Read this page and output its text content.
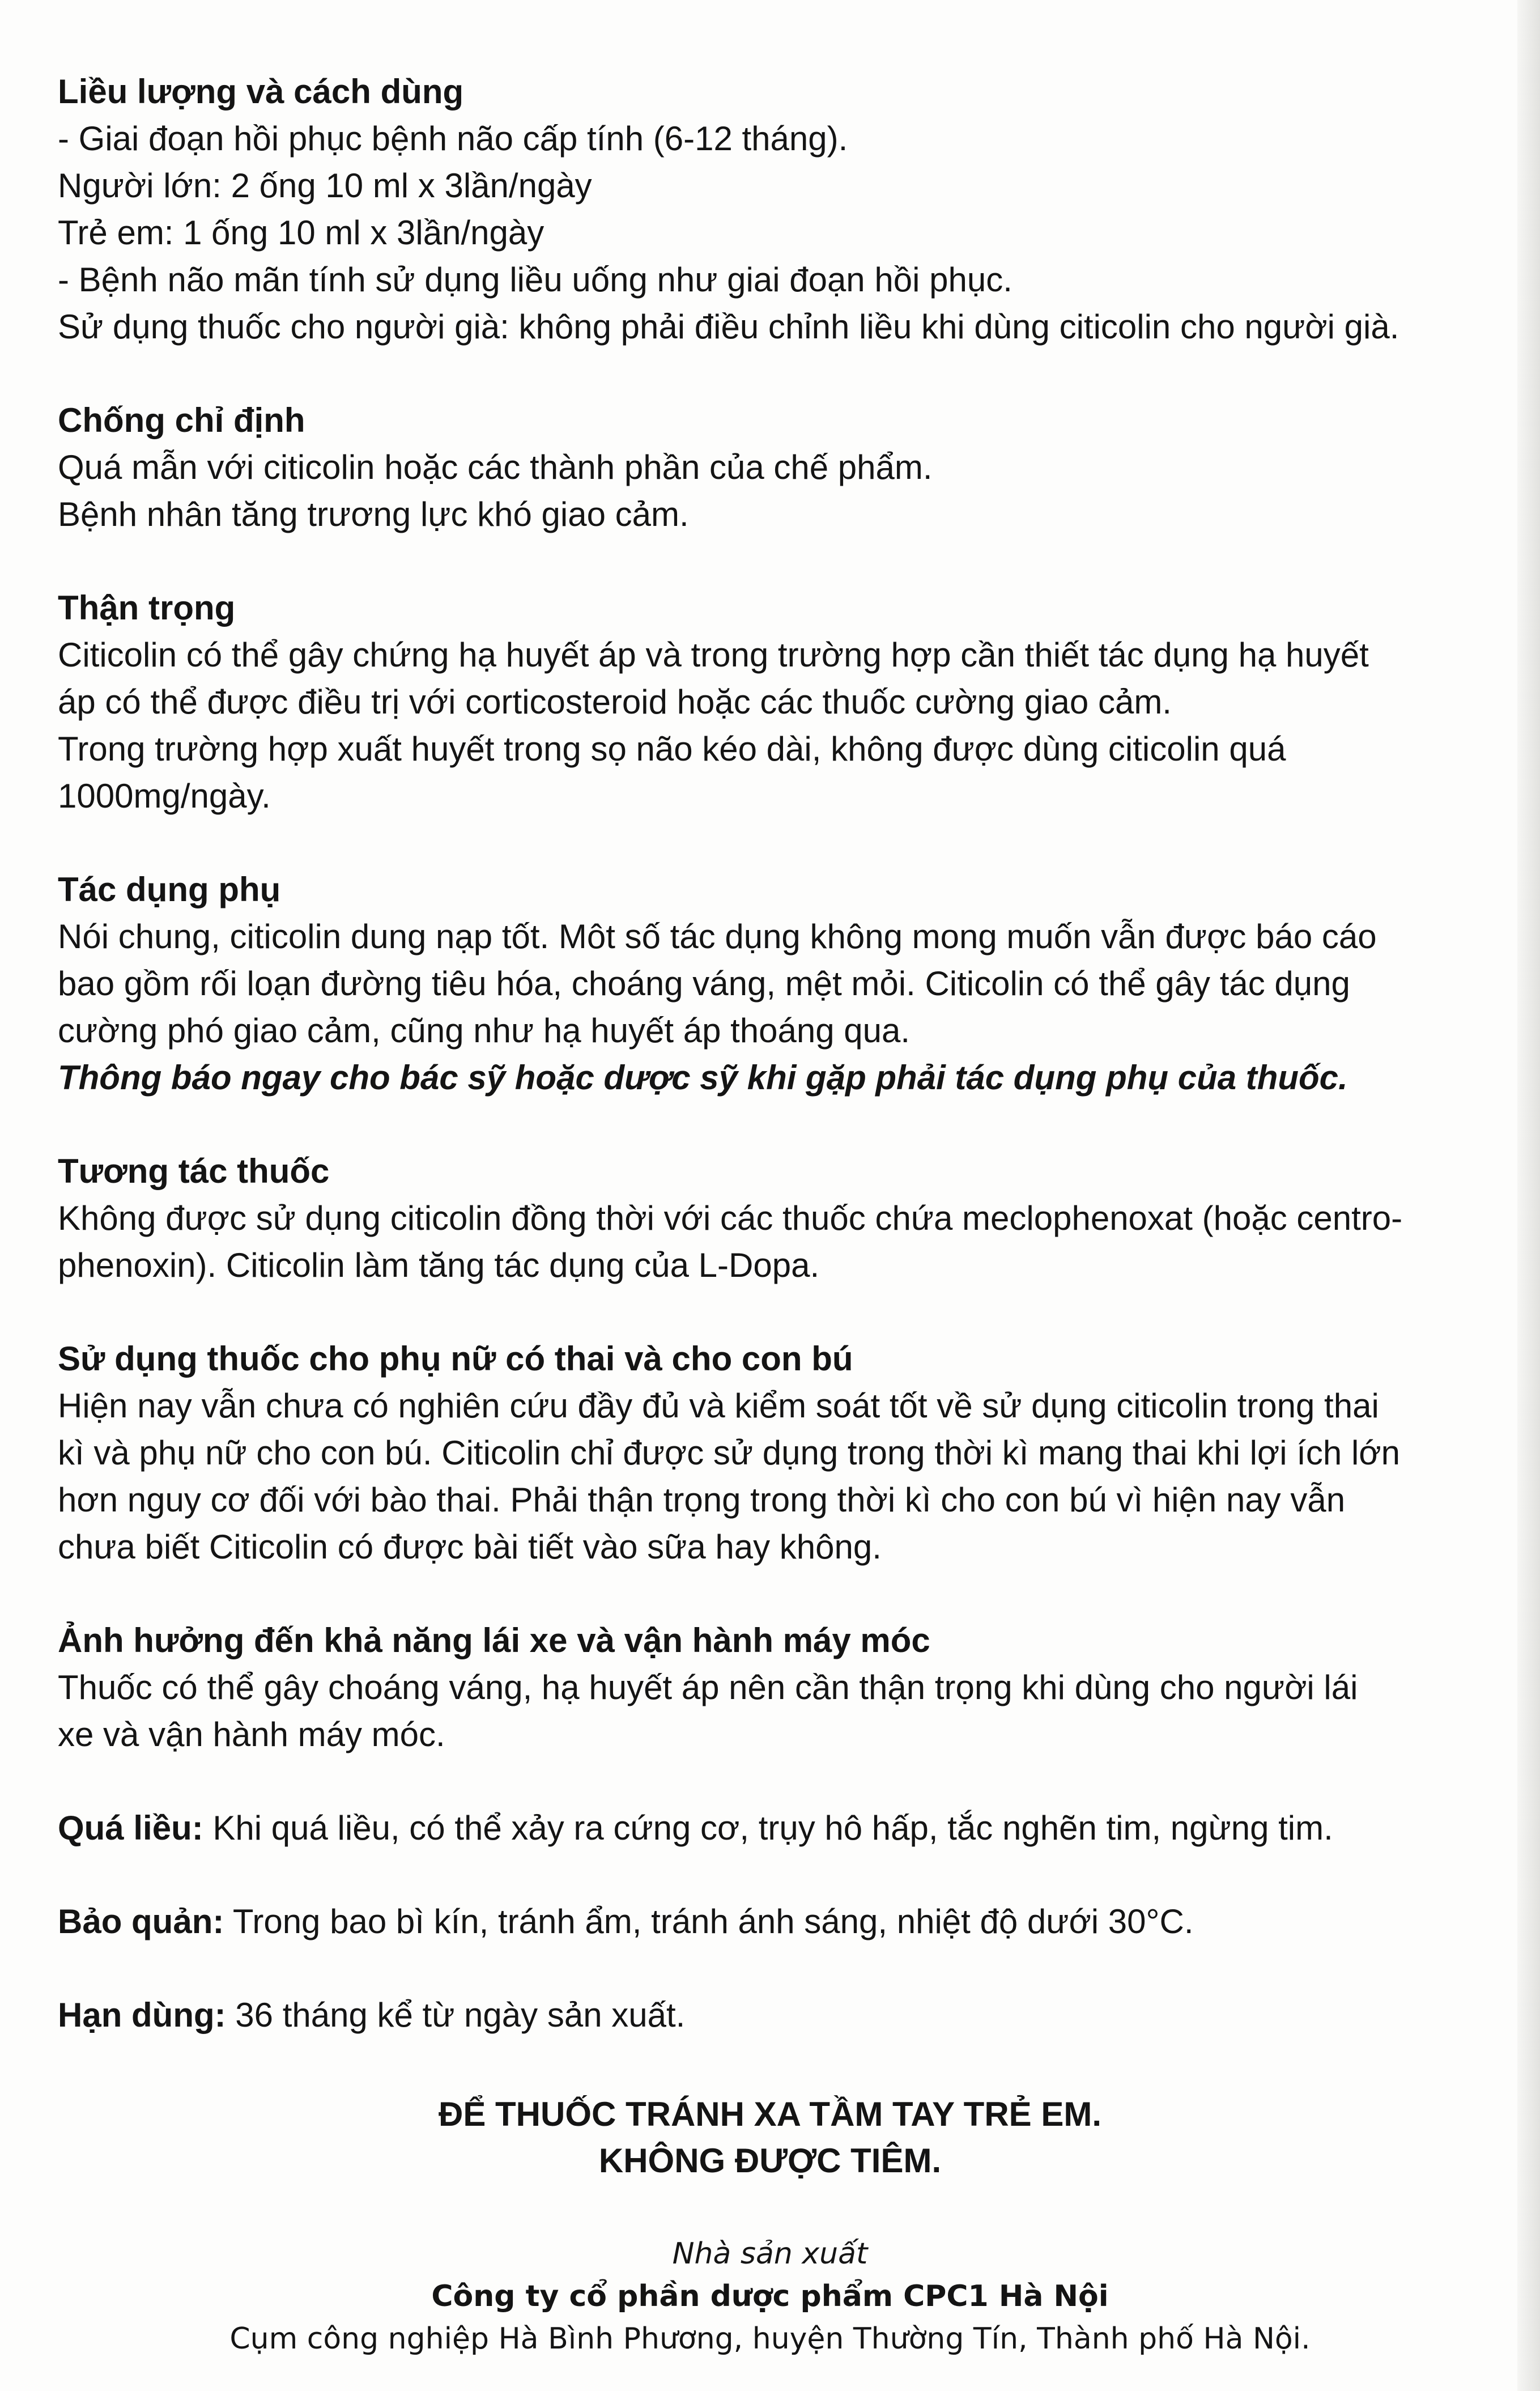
Liều lượng và cách dùng

- Giai đoạn hồi phục bệnh não cấp tính (6-12 tháng).

Người lớn: 2 ống 10 ml x 3lần/ngày

Trẻ em: 1 ống 10 ml x 3lần/ngày

- Bệnh não mãn tính sử dụng liều uống như giai đoạn hồi phục.

Sử dụng thuốc cho người già: không phải điều chỉnh liều khi dùng citicolin cho người già.

Chống chỉ định

Quá mẫn với citicolin hoặc các thành phần của chế phẩm.

Bệnh nhân tăng trương lực khó giao cảm.

Thận trọng

Citicolin có thể gây chứng hạ huyết áp và trong trường hợp cần thiết tác dụng hạ huyết

áp có thể được điều trị với corticosteroid hoặc các thuốc cường giao cảm.

Trong trường hợp xuất huyết trong sọ não kéo dài, không được dùng citicolin quá

1000mg/ngày.

Tác dụng phụ

Nói chung, citicolin dung nạp tốt. Môt số tác dụng không mong muốn vẫn được báo cáo

bao gồm rối loạn đường tiêu hóa, choáng váng, mệt mỏi. Citicolin có thể gây tác dụng

cường phó giao cảm, cũng như hạ huyết áp thoáng qua.

Thông báo ngay cho bác sỹ hoặc dược sỹ khi gặp phải tác dụng phụ của thuốc.

Tương tác thuốc

Không được sử dụng citicolin đồng thời với các thuốc chứa meclophenoxat (hoặc centro-

phenoxin). Citicolin làm tăng tác dụng của L-Dopa.

Sử dụng thuốc cho phụ nữ có thai và cho con bú

Hiện nay vẫn chưa có nghiên cứu đầy đủ và kiểm soát tốt về sử dụng citicolin trong thai

kì và phụ nữ cho con bú. Citicolin chỉ được sử dụng trong thời kì mang thai khi lợi ích lớn

hơn nguy cơ đối với bào thai. Phải thận trọng trong thời kì cho con bú vì hiện nay vẫn

chưa biết Citicolin có được bài tiết vào sữa hay không.

Ảnh hưởng đến khả năng lái xe và vận hành máy móc

Thuốc có thể gây choáng váng, hạ huyết áp nên cần thận trọng khi dùng cho người lái

xe và vận hành máy móc.

Quá liều: Khi quá liều, có thể xảy ra cứng cơ, trụy hô hấp, tắc nghẽn tim, ngừng tim.

Bảo quản: Trong bao bì kín, tránh ẩm, tránh ánh sáng, nhiệt độ dưới 30°C.

Hạn dùng: 36 tháng kể từ ngày sản xuất.

ĐỂ THUỐC TRÁNH XA TẦM TAY TRẺ EM.
KHÔNG ĐƯỢC TIÊM.
Nhà sản xuất
Công ty cổ phần dược phẩm CPC1 Hà Nội
Cụm công nghiệp Hà Bình Phương, huyện Thường Tín, Thành phố Hà Nội.
